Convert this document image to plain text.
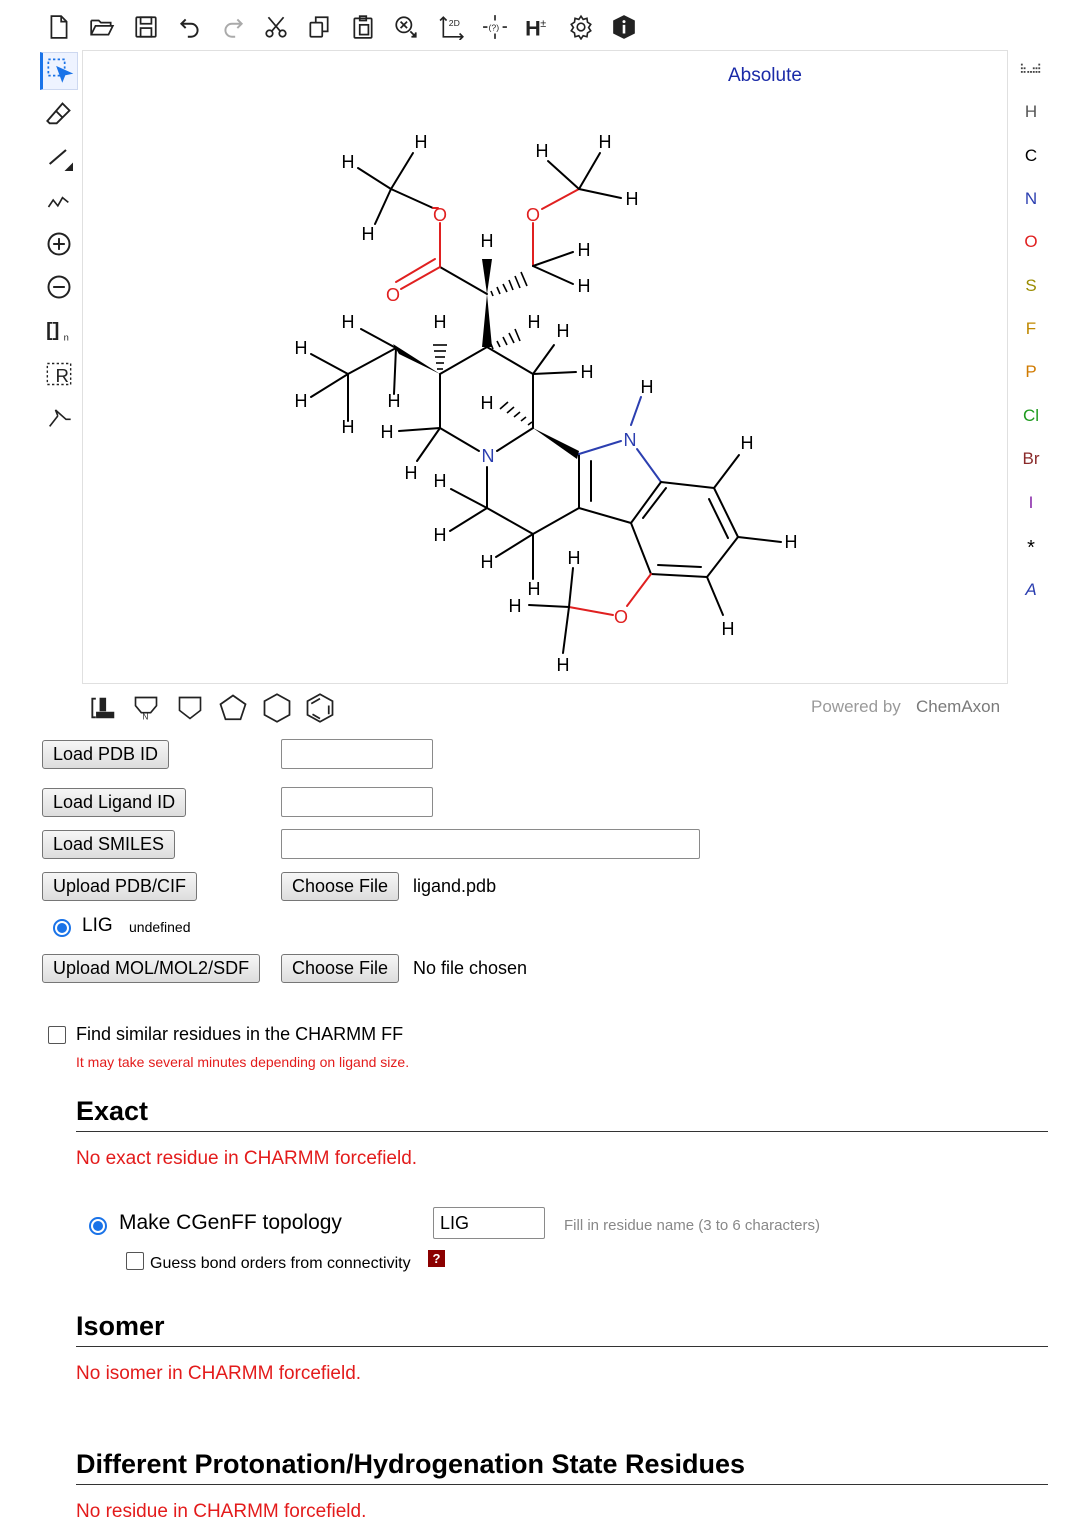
2D	(?) H ±
[] n
R
Absolute
O
O
O
O
N
N
H
H
H
H	H
H
H	H
H
H	H	H H
H
H	H
H
H
H
H
H
H
H
H
H
H
H
H
H
H
H
H
H
C
N
O
S
F
P
Cl
Br
I
*
A
N
Powered by ChemAxon
Load PDB ID
Load Ligand ID
Load SMILES
Upload PDB/CIF	Choose File	ligand.pdb
LIG undefined
Upload MOL/MOL2/SDF	Choose File	No file chosen
Find similar residues in the CHARMM FF
It may take several minutes depending on ligand size.
Exact
No exact residue in CHARMM forcefield.
Make CGenFF topology
LIG	Fill in residue name (3 to 6 characters)
Guess bond orders from connectivity	?
Isomer
No isomer in CHARMM forcefield.
Different Protonation/Hydrogenation State Residues
No residue in CHARMM forcefield.
